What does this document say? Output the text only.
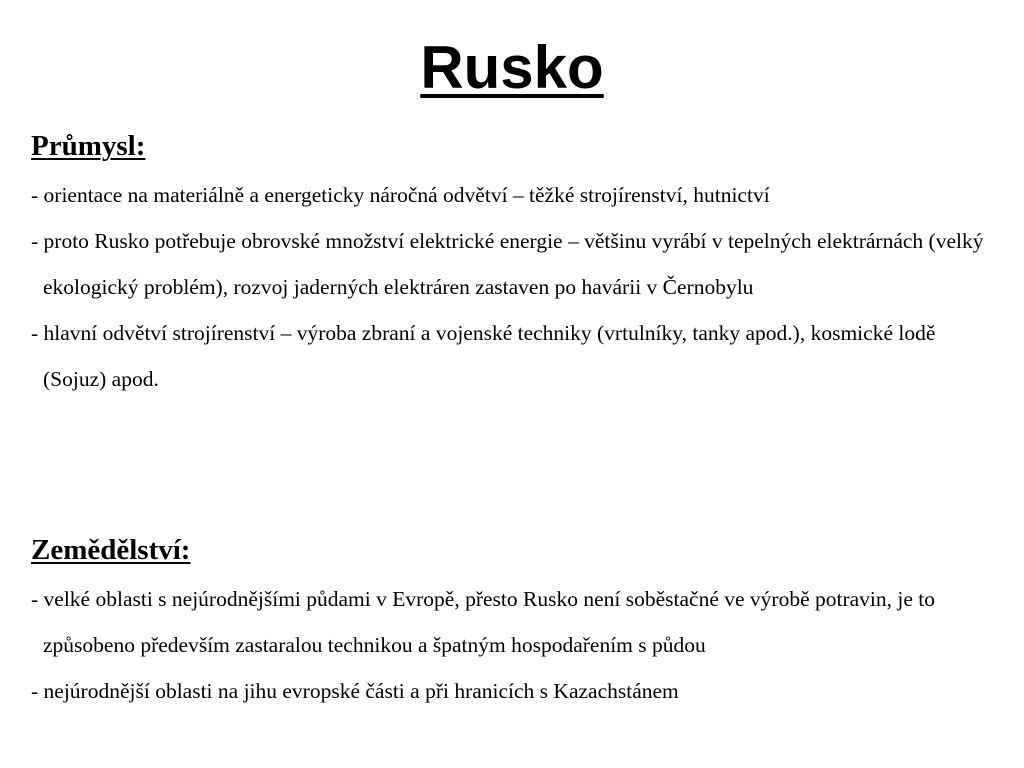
Rusko
Průmysl:

- orientace na materiálně a energeticky náročná odvětví – těžké strojírenství, hutnictví

- proto Rusko potřebuje obrovské množství elektrické energie – většinu vyrábí v tepelných elektrárnách (velký ekologický problém), rozvoj jaderných elektráren zastaven po havárii v Černobylu

- hlavní odvětví strojírenství – výroba zbraní a vojenské techniky (vrtulníky, tanky apod.), kosmické lodě (Sojuz) apod.

Zemědělství:

- velké oblasti s nejúrodnějšími půdami v Evropě, přesto Rusko není soběstačné ve výrobě potravin, je to způsobeno především zastaralou technikou a špatným hospodařením s půdou

- nejúrodnější oblasti na jihu evropské části a při hranicích s Kazachstánem
